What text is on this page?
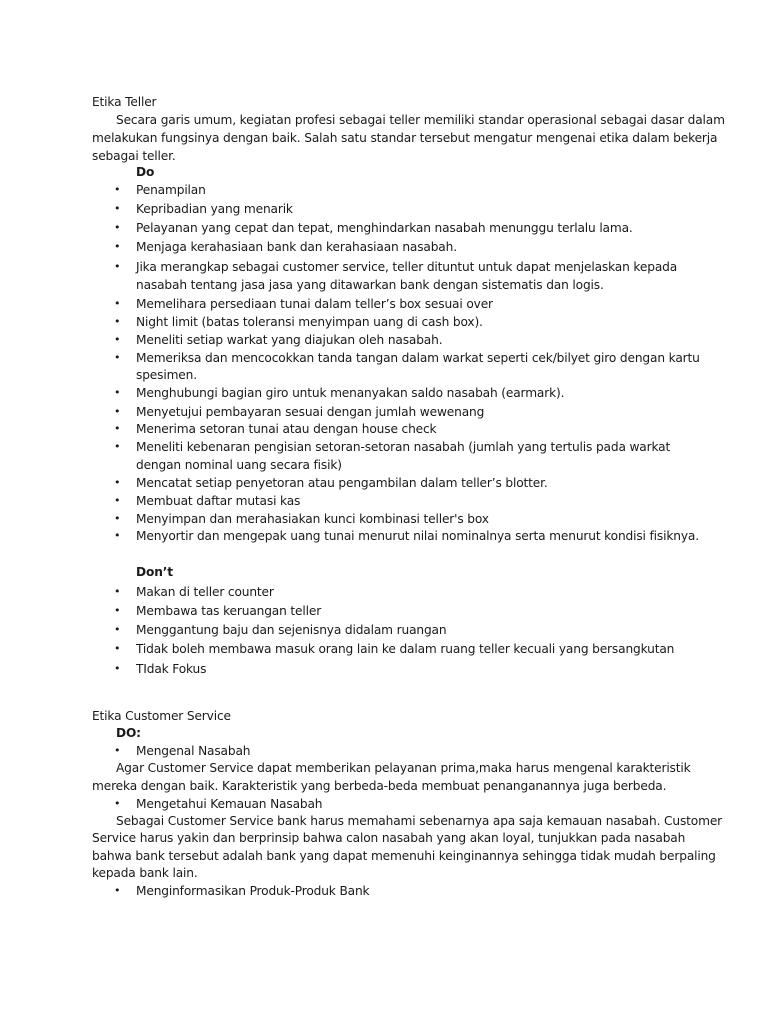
Etika Teller
Secara garis umum, kegiatan profesi sebagai teller memiliki standar operasional sebagai dasar dalam
melakukan fungsinya dengan baik. Salah satu standar tersebut mengatur mengenai etika dalam bekerja
sebagai teller.
Do
• Penampilan
• Kepribadian yang menarik
• Pelayanan yang cepat dan tepat, menghindarkan nasabah menunggu terlalu lama.
• Menjaga kerahasiaan bank dan kerahasiaan nasabah.
• Jika merangkap sebagai customer service, teller dituntut untuk dapat menjelaskan kepada
nasabah tentang jasa jasa yang ditawarkan bank dengan sistematis dan logis.
• Memelihara persediaan tunai dalam teller’s box sesuai over
• Night limit (batas toleransi menyimpan uang di cash box).
• Meneliti setiap warkat yang diajukan oleh nasabah.
• Memeriksa dan mencocokkan tanda tangan dalam warkat seperti cek/bilyet giro dengan kartu
spesimen.
• Menghubungi bagian giro untuk menanyakan saldo nasabah (earmark).
• Menyetujui pembayaran sesuai dengan jumlah wewenang
• Menerima setoran tunai atau dengan house check
• Meneliti kebenaran pengisian setoran-setoran nasabah (jumlah yang tertulis pada warkat
dengan nominal uang secara fisik)
• Mencatat setiap penyetoran atau pengambilan dalam teller’s blotter.
• Membuat daftar mutasi kas
• Menyimpan dan merahasiakan kunci kombinasi teller's box
• Menyortir dan mengepak uang tunai menurut nilai nominalnya serta menurut kondisi fisiknya.
Don’t
• Makan di teller counter
• Membawa tas keruangan teller
• Menggantung baju dan sejenisnya didalam ruangan
• Tidak boleh membawa masuk orang lain ke dalam ruang teller kecuali yang bersangkutan
• TIdak Fokus
Etika Customer Service
DO:
• Mengenal Nasabah
Agar Customer Service dapat memberikan pelayanan prima,maka harus mengenal karakteristik
mereka dengan baik. Karakteristik yang berbeda-beda membuat penanganannya juga berbeda.
• Mengetahui Kemauan Nasabah
Sebagai Customer Service bank harus memahami sebenarnya apa saja kemauan nasabah. Customer
Service harus yakin dan berprinsip bahwa calon nasabah yang akan loyal, tunjukkan pada nasabah
bahwa bank tersebut adalah bank yang dapat memenuhi keinginannya sehingga tidak mudah berpaling
kepada bank lain.
• Menginformasikan Produk-Produk Bank
